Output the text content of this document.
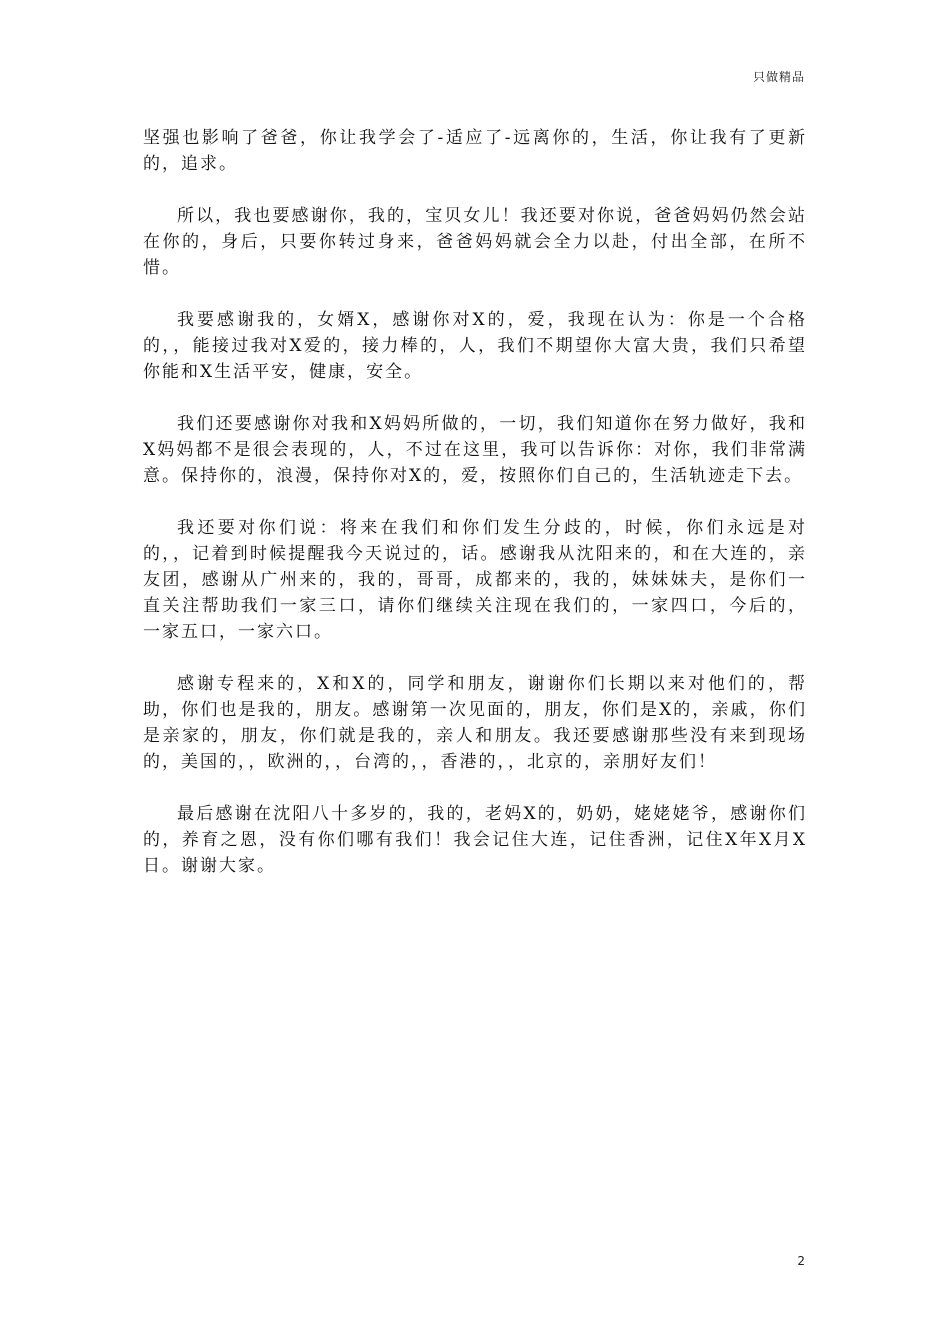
只做精品

坚强也影响了爸爸，你让我学会了-适应了-远离你的，生活，你让我有了更新的，追求。

所以，我也要感谢你，我的，宝贝女儿！我还要对你说，爸爸妈妈仍然会站在你的，身后，只要你转过身来，爸爸妈妈就会全力以赴，付出全部，在所不惜。

我要感谢我的，女婿X，感谢你对X的，爱，我现在认为：你是一个合格的，，能接过我对X爱的，接力棒的，人，我们不期望你大富大贵，我们只希望你能和X生活平安，健康，安全。

我们还要感谢你对我和X妈妈所做的，一切，我们知道你在努力做好，我和X妈妈都不是很会表现的，人，不过在这里，我可以告诉你：对你，我们非常满意。保持你的，浪漫，保持你对X的，爱，按照你们自己的，生活轨迹走下去。

我还要对你们说：将来在我们和你们发生分歧的，时候，你们永远是对的，，记着到时候提醒我今天说过的，话。感谢我从沈阳来的，和在大连的，亲友团，感谢从广州来的，我的，哥哥，成都来的，我的，妹妹妹夫，是你们一直关注帮助我们一家三口，请你们继续关注现在我们的，一家四口，今后的，一家五口，一家六口。

感谢专程来的，X和X的，同学和朋友，谢谢你们长期以来对他们的，帮助，你们也是我的，朋友。感谢第一次见面的，朋友，你们是X的，亲戚，你们是亲家的，朋友，你们就是我的，亲人和朋友。我还要感谢那些没有来到现场的，美国的，，欧洲的，，台湾的，，香港的，，北京的，亲朋好友们！

最后感谢在沈阳八十多岁的，我的，老妈X的，奶奶，姥姥姥爷，感谢你们的，养育之恩，没有你们哪有我们！我会记住大连，记住香洲，记住X年X月X日。谢谢大家。

2
